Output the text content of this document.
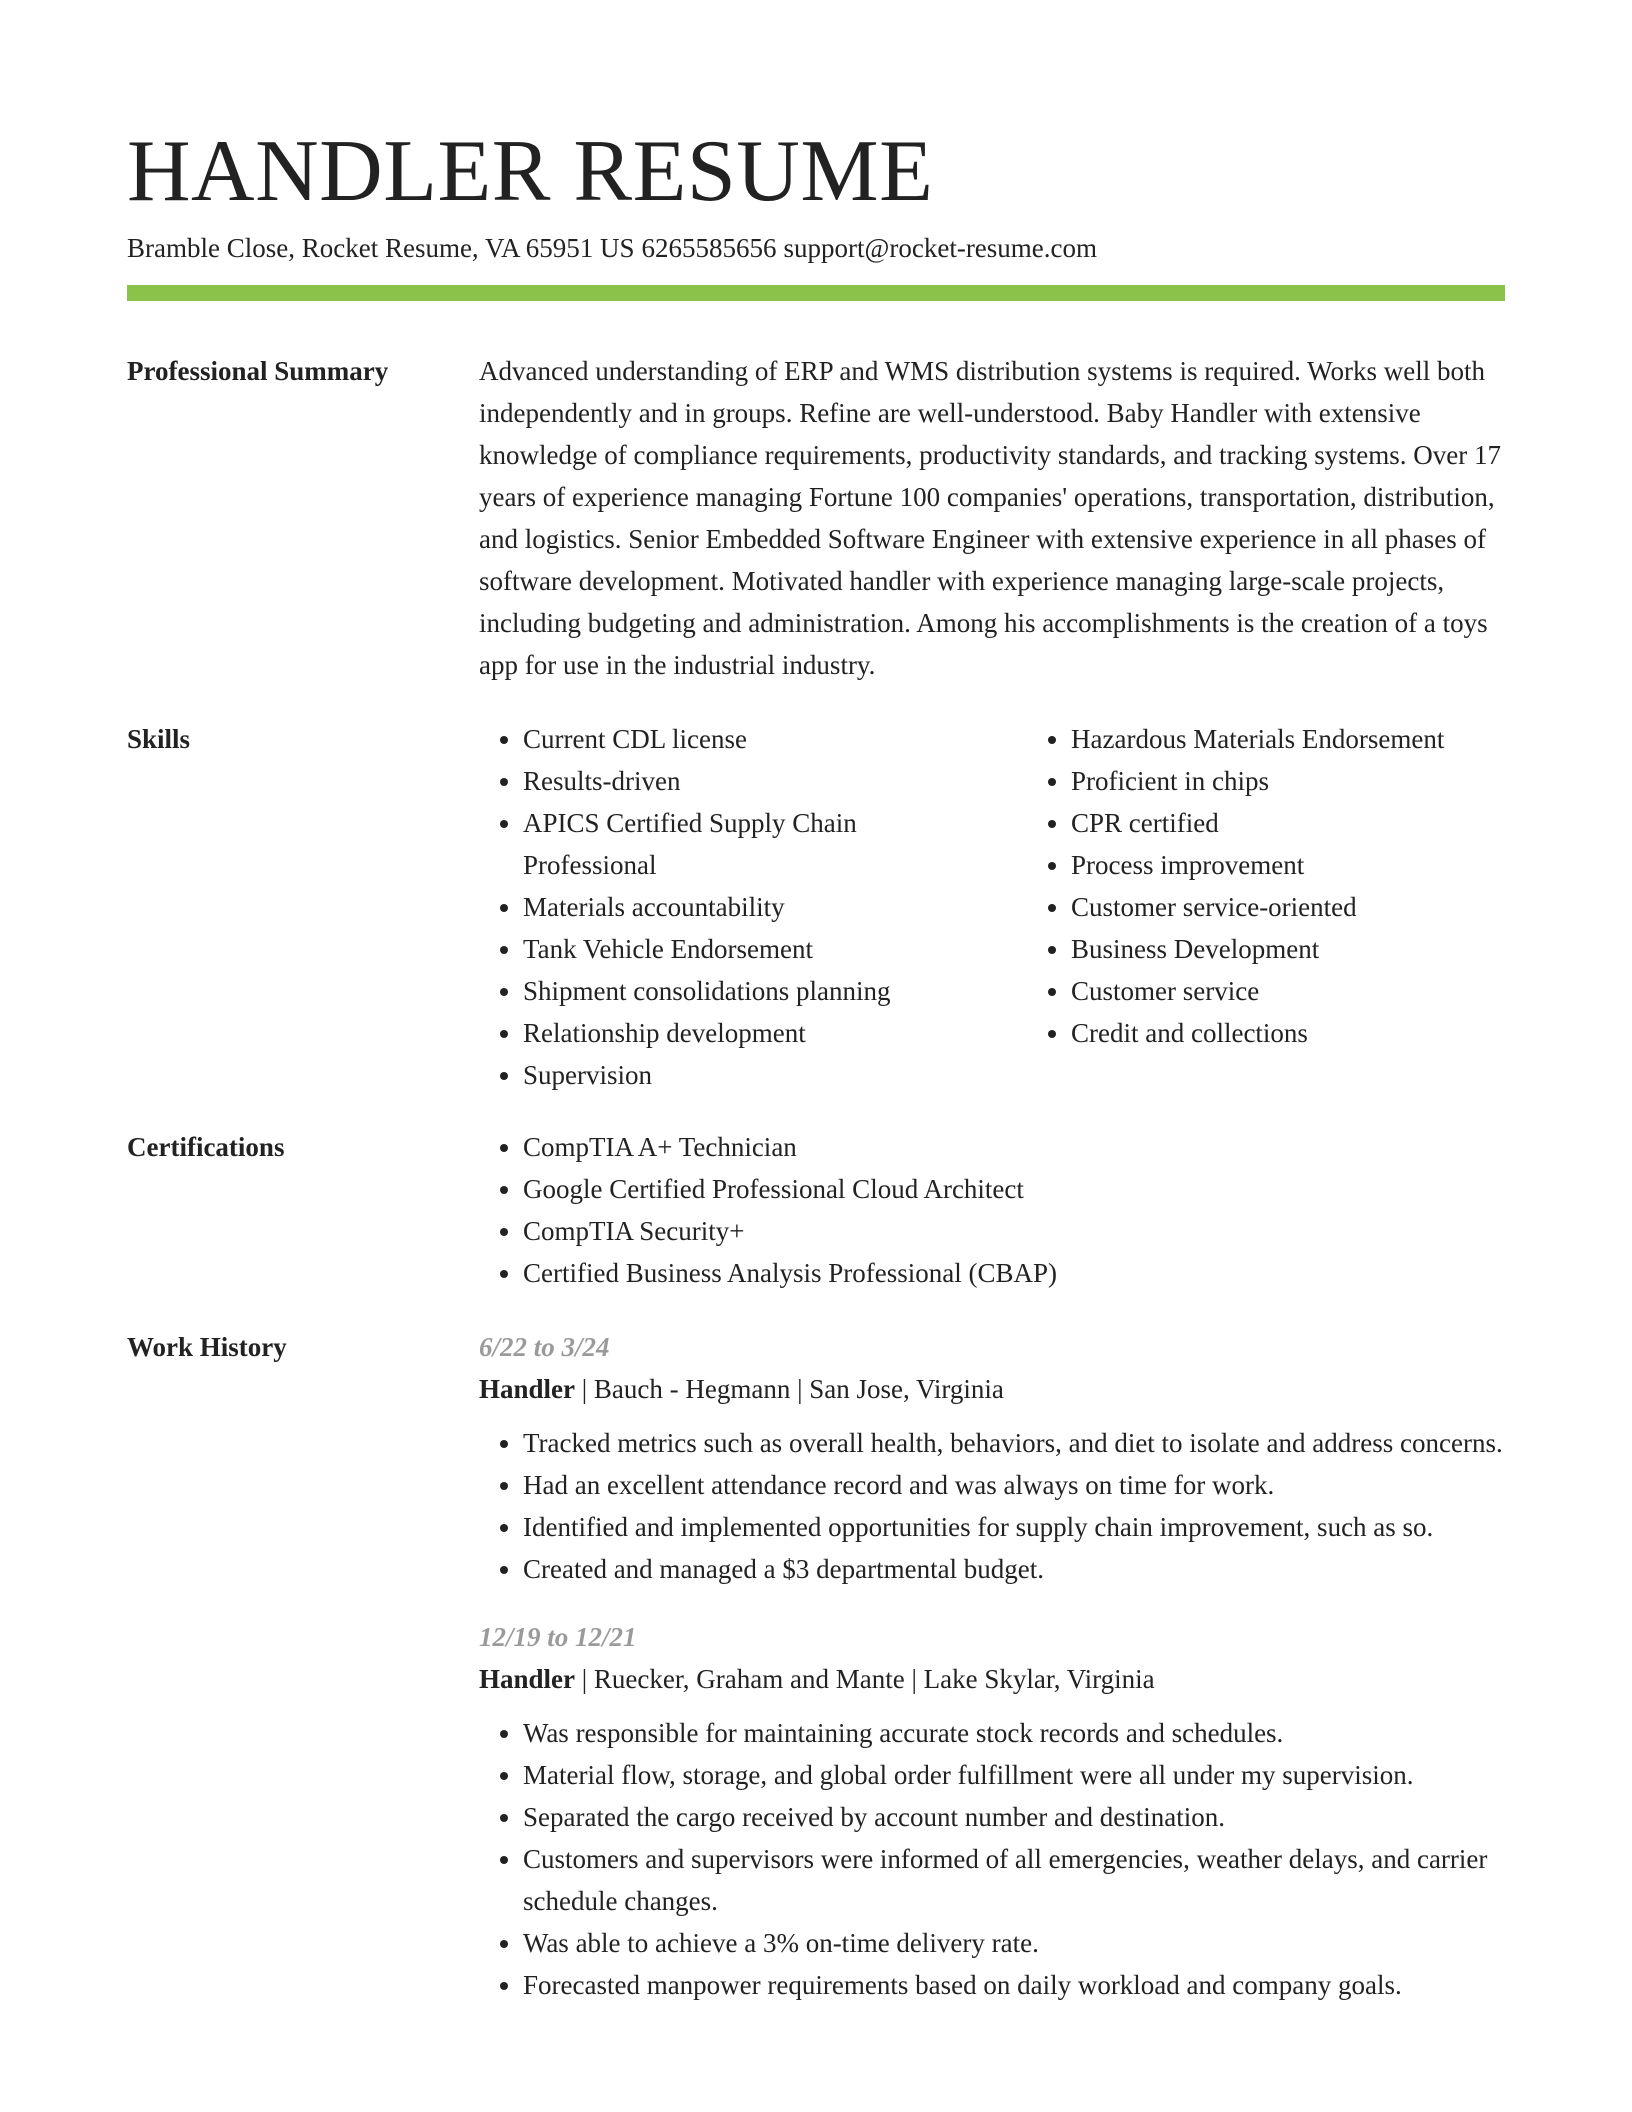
HANDLER RESUME
Bramble Close, Rocket Resume, VA 65951 US 6265585656 support@rocket-resume.com
Professional Summary	Advanced understanding of ERP and WMS distribution systems is required. Works well both independently and in groups. Refine are well-understood. Baby Handler with extensive knowledge of compliance requirements, productivity standards, and tracking systems. Over 17 years of experience managing Fortune 100 companies' operations, transportation, distribution, and logistics. Senior Embedded Software Engineer with extensive experience in all phases of software development. Motivated handler with experience managing large-scale projects, including budgeting and administration. Among his accomplishments is the creation of a toys app for use in the industrial industry.

Skills	• Current CDL license
• Results-driven
• APICS Certified Supply Chain Professional
• Materials accountability
• Tank Vehicle Endorsement
• Shipment consolidations planning
• Relationship development
• Supervision
• Hazardous Materials Endorsement
• Proficient in chips
• CPR certified
• Process improvement
• Customer service-oriented
• Business Development
• Customer service
• Credit and collections
Certifications	• CompTIA A+ Technician
• Google Certified Professional Cloud Architect
• CompTIA Security+
• Certified Business Analysis Professional (CBAP)
Work History	6/22 to 3/24
Handler | Bauch - Hegmann | San Jose, Virginia
• Tracked metrics such as overall health, behaviors, and diet to isolate and address concerns.
• Had an excellent attendance record and was always on time for work.
• Identified and implemented opportunities for supply chain improvement, such as so.
• Created and managed a $3 departmental budget.
12/19 to 12/21
Handler | Ruecker, Graham and Mante | Lake Skylar, Virginia
• Was responsible for maintaining accurate stock records and schedules.
• Material flow, storage, and global order fulfillment were all under my supervision.
• Separated the cargo received by account number and destination.
• Customers and supervisors were informed of all emergencies, weather delays, and carrier schedule changes.
• Was able to achieve a 3% on-time delivery rate.
• Forecasted manpower requirements based on daily workload and company goals.
